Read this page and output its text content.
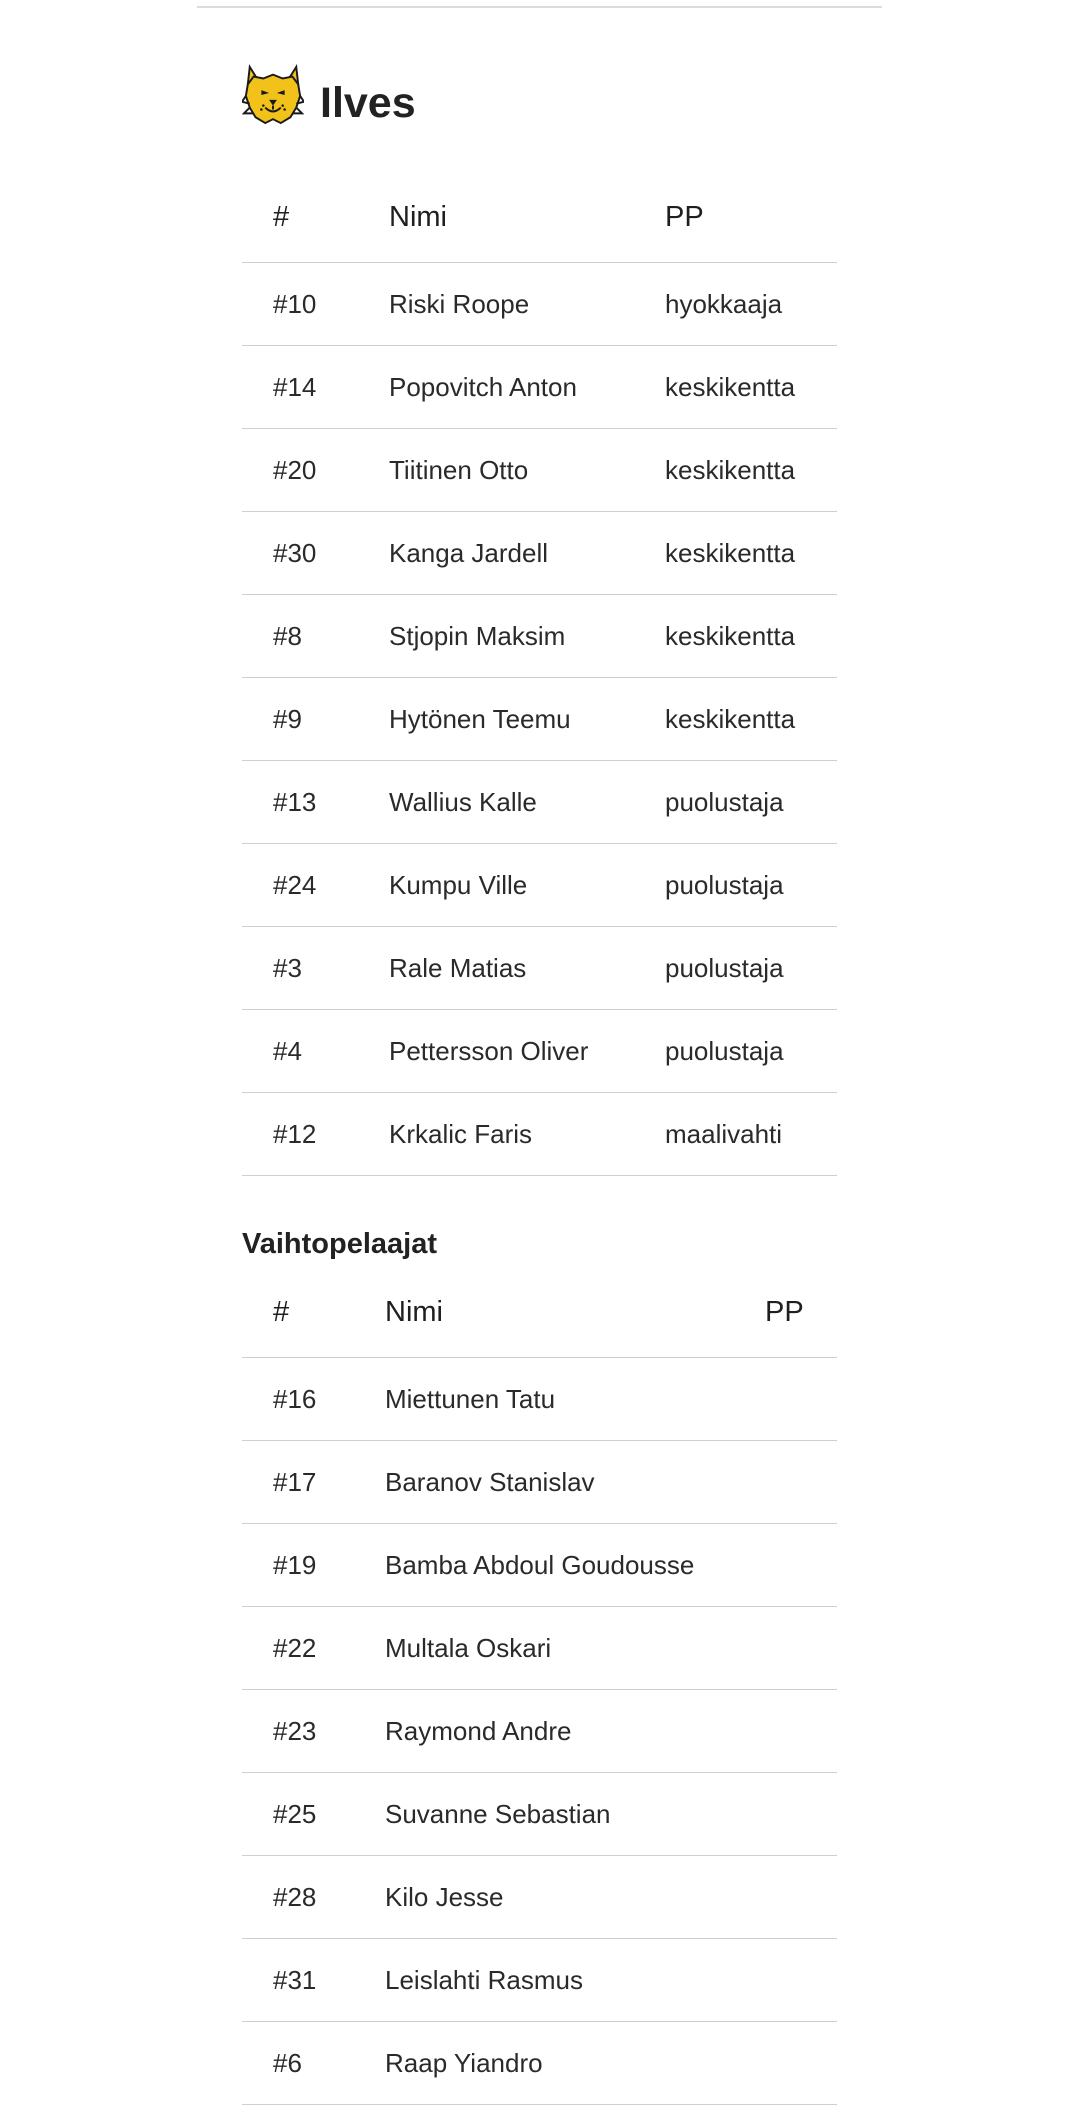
Ilves
#	Nimi	PP
#10	Riski Roope	hyokkaaja
#14	Popovitch Anton	keskikentta
#20	Tiitinen Otto	keskikentta
#30	Kanga Jardell	keskikentta
#8	Stjopin Maksim	keskikentta
#9	Hytönen Teemu	keskikentta
#13	Wallius Kalle	puolustaja
#24	Kumpu Ville	puolustaja
#3	Rale Matias	puolustaja
#4	Pettersson Oliver	puolustaja
#12	Krkalic Faris	maalivahti
Vaihtopelaajat
#	Nimi	PP
#16	Miettunen Tatu	
#17	Baranov Stanislav	
#19	Bamba Abdoul Goudousse	
#22	Multala Oskari	
#23	Raymond Andre	
#25	Suvanne Sebastian	
#28	Kilo Jesse	
#31	Leislahti Rasmus	
#6	Raap Yiandro	
